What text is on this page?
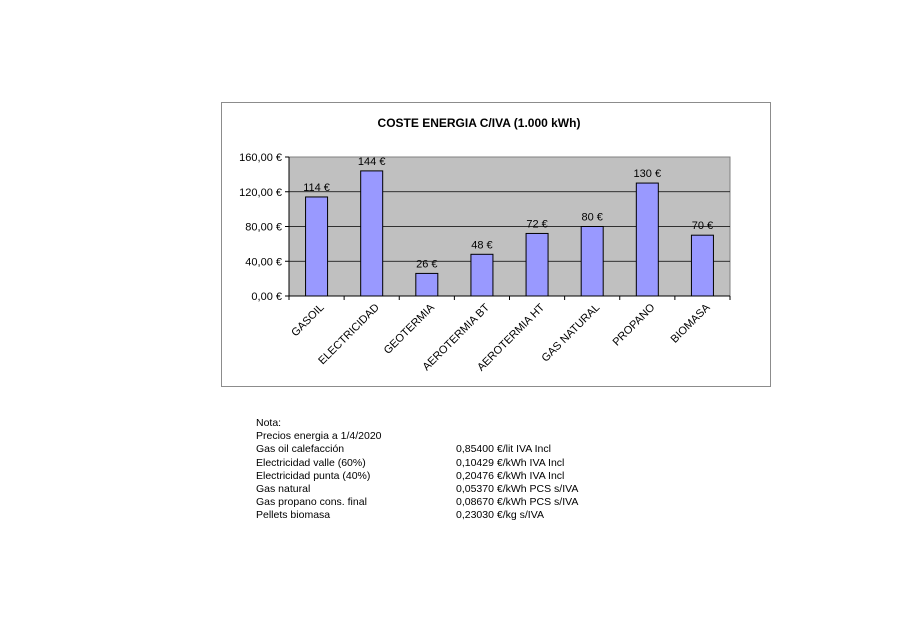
COSTE ENERGIA C/IVA (1.000 kWh)
0,00 €
40,00 €
80,00 €
120,00 €
160,00 €
114 €
GASOIL
144 €
ELECTRICIDAD
26 €
GEOTERMIA
48 €
AEROTERMIA BT
72 €
AEROTERMIA HT
80 €
GAS NATURAL
130 €
PROPANO
70 €
BIOMASA
Nota:
Precios energia a 1/4/2020
Gas oil calefacción	0,85400 €/lit IVA Incl
Electricidad valle (60%)	0,10429 €/kWh IVA Incl
Electricidad punta (40%)	0,20476 €/kWh IVA Incl
Gas natural	0,05370 €/kWh PCS s/IVA
Gas propano cons. final	0,08670 €/kWh PCS s/IVA
Pellets biomasa	0,23030 €/kg s/IVA
